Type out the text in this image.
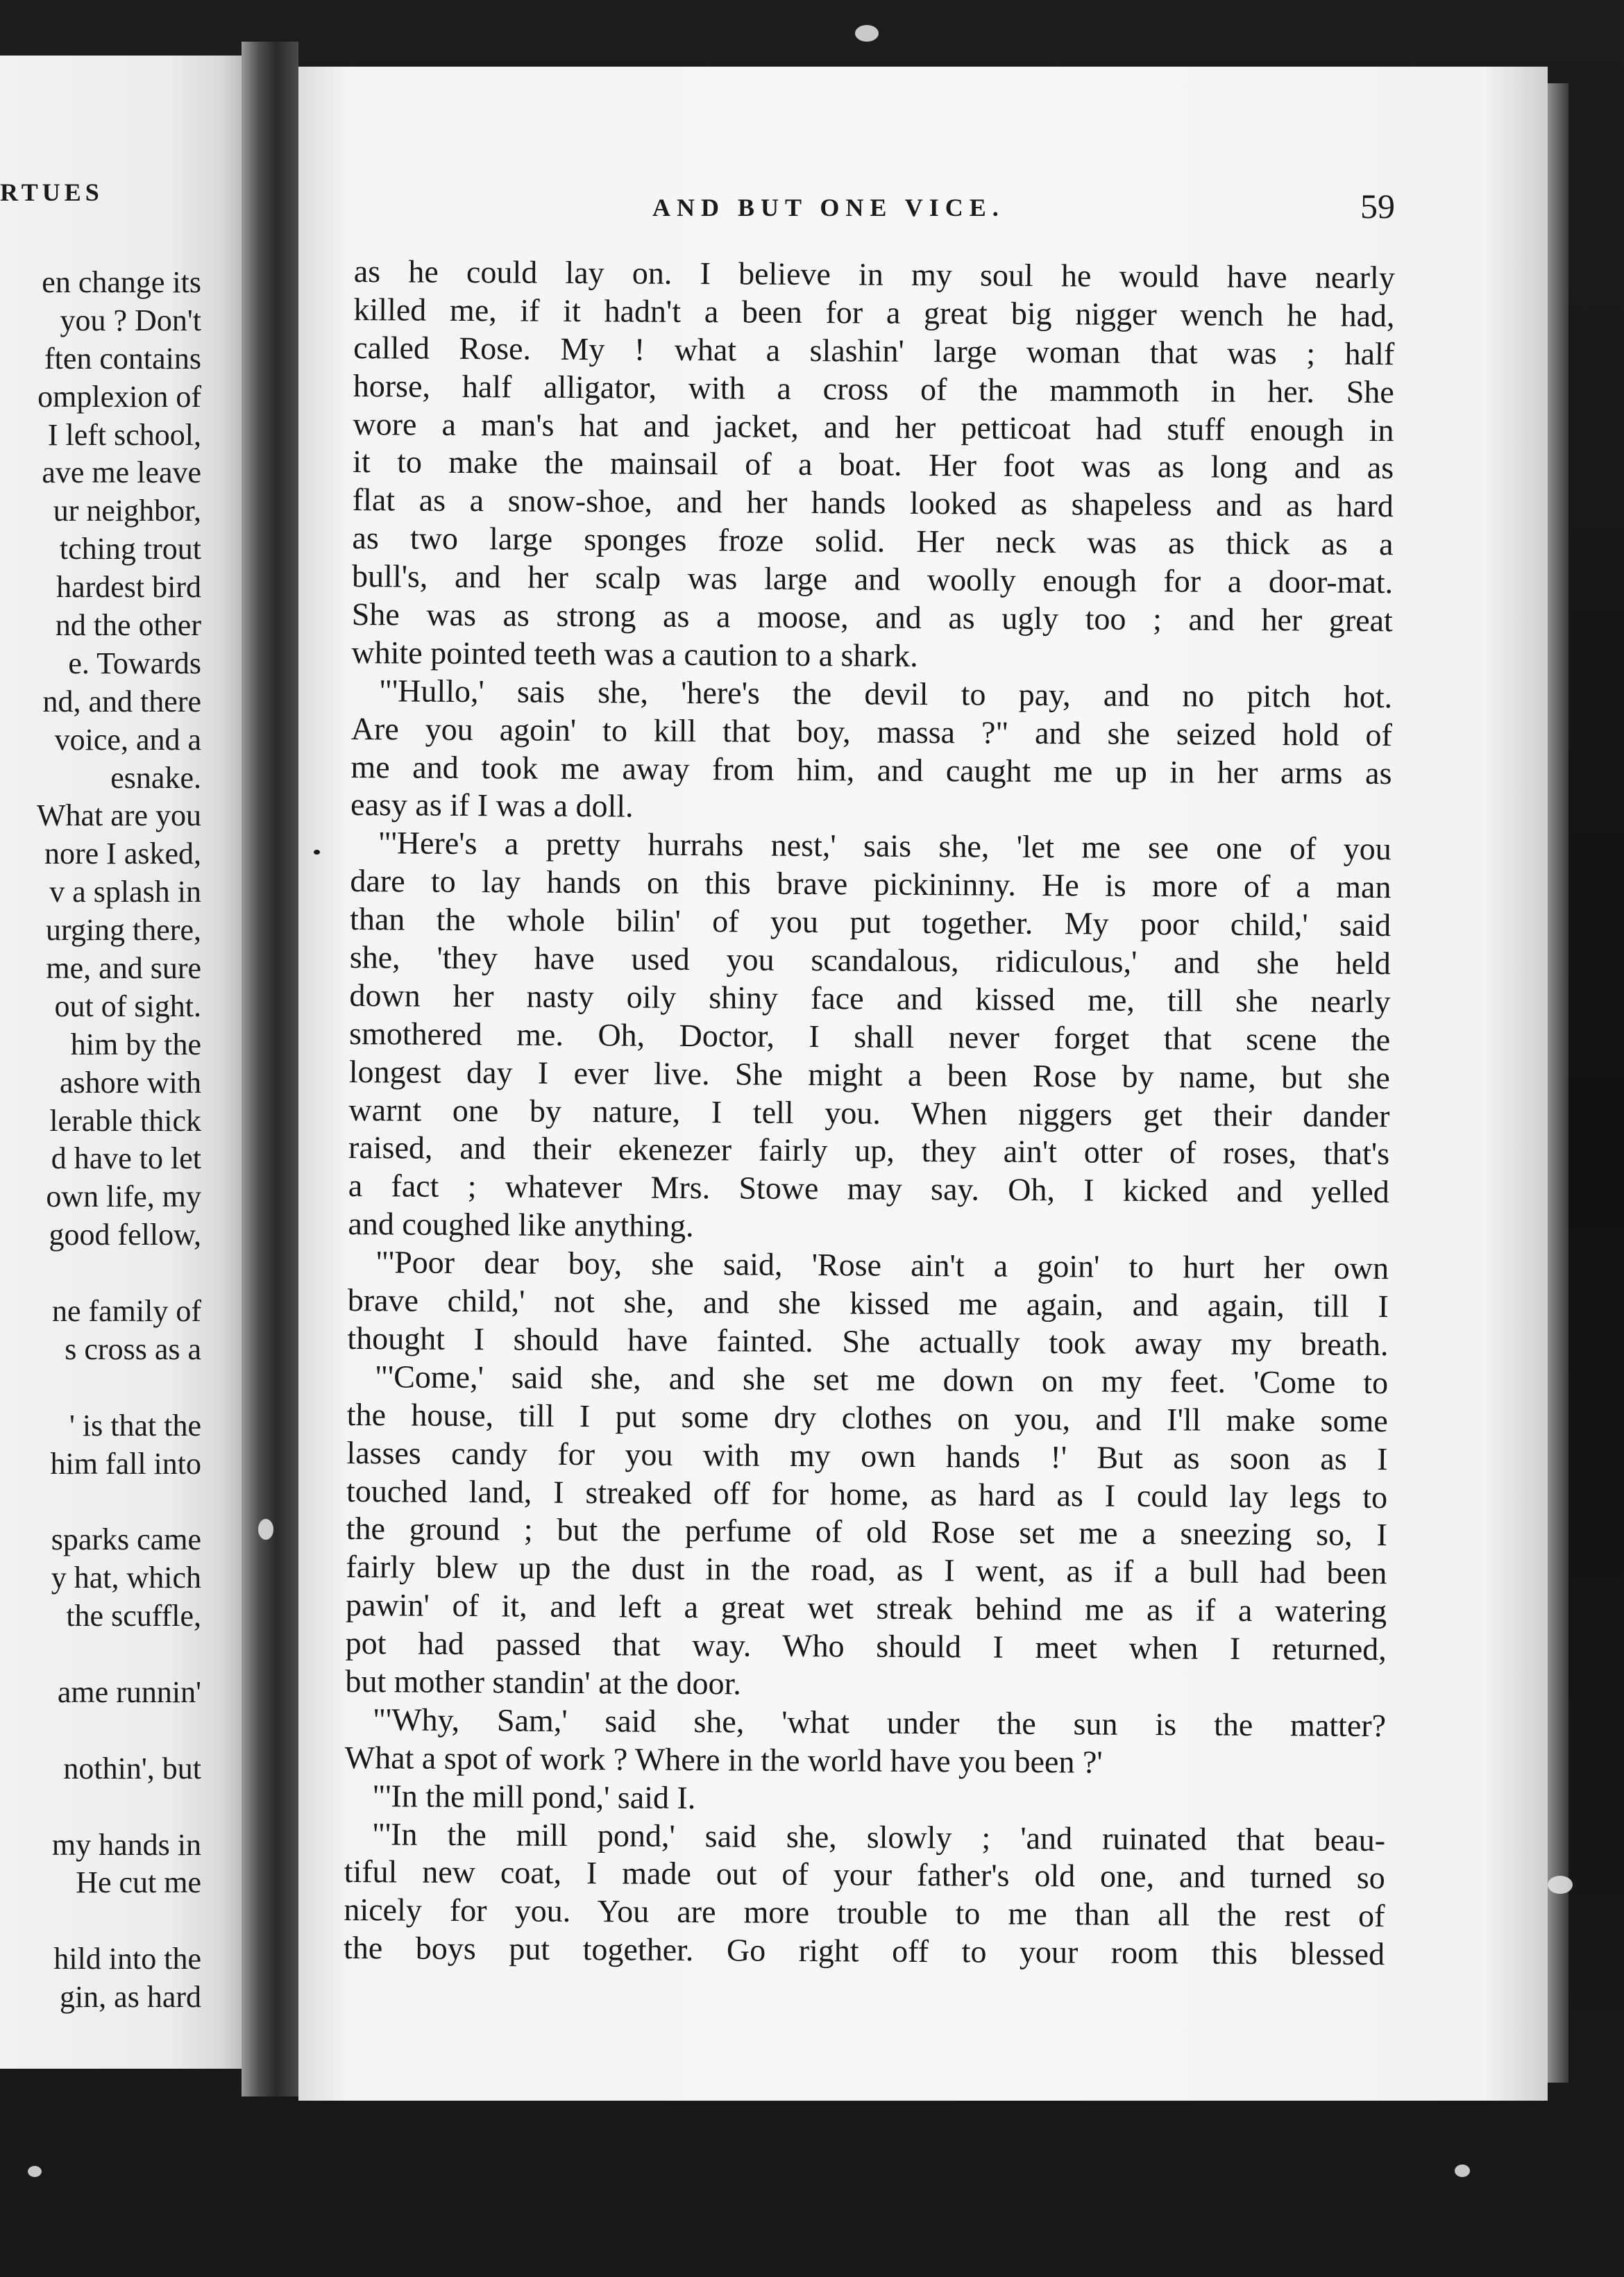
RTUES
en change its
you ? Don't
ften contains
omplexion of
I left school,
ave me leave
ur neighbor,
tching trout
hardest bird
nd the other
e. Towards
nd, and there
voice, and a
esnake.
What are you
nore I asked,
v a splash in
urging there,
me, and sure
out of sight.
him by the
ashore with
lerable thick
d have to let
own life, my
good fellow,
ne family of
s cross as a
' is that the
him fall into
sparks came
y hat, which
the scuffle,
ame runnin'
nothin', but
my hands in
He cut me
hild into the
gin, as hard
AND BUT ONE VICE.	59
as he could lay on. I believe in my soul he would have nearly
killed me, if it hadn't a been for a great big nigger wench he had,
called Rose. My ! what a slashin' large woman that was ; half
horse, half alligator, with a cross of the mammoth in her. She
wore a man's hat and jacket, and her petticoat had stuff enough in
it to make the mainsail of a boat. Her foot was as long and as
flat as a snow-shoe, and her hands looked as shapeless and as hard
as two large sponges froze solid. Her neck was as thick as a
bull's, and her scalp was large and woolly enough for a door-mat.
She was as strong as a moose, and as ugly too ; and her great
white pointed teeth was a caution to a shark.
"'Hullo,' sais she, 'here's the devil to pay, and no pitch hot.
Are you agoin' to kill that boy, massa ?" and she seized hold of
me and took me away from him, and caught me up in her arms as
easy as if I was a doll.
"'Here's a pretty hurrahs nest,' sais she, 'let me see one of you
dare to lay hands on this brave pickininny. He is more of a man
than the whole bilin' of you put together. My poor child,' said
she, 'they have used you scandalous, ridiculous,' and she held
down her nasty oily shiny face and kissed me, till she nearly
smothered me. Oh, Doctor, I shall never forget that scene the
longest day I ever live. She might a been Rose by name, but she
warnt one by nature, I tell you. When niggers get their dander
raised, and their ekenezer fairly up, they ain't otter of roses, that's
a fact ; whatever Mrs. Stowe may say. Oh, I kicked and yelled
and coughed like anything.
"'Poor dear boy, she said, 'Rose ain't a goin' to hurt her own
brave child,' not she, and she kissed me again, and again, till I
thought I should have fainted. She actually took away my breath.
"'Come,' said she, and she set me down on my feet. 'Come to
the house, till I put some dry clothes on you, and I'll make some
lasses candy for you with my own hands !' But as soon as I
touched land, I streaked off for home, as hard as I could lay legs to
the ground ; but the perfume of old Rose set me a sneezing so, I
fairly blew up the dust in the road, as I went, as if a bull had been
pawin' of it, and left a great wet streak behind me as if a watering
pot had passed that way. Who should I meet when I returned,
but mother standin' at the door.
"'Why, Sam,' said she, 'what under the sun is the matter?
What a spot of work ? Where in the world have you been ?'
"'In the mill pond,' said I.
"'In the mill pond,' said she, slowly ; 'and ruinated that beau-
tiful new coat, I made out of your father's old one, and turned so
nicely for you. You are more trouble to me than all the rest of
the boys put together. Go right off to your room this blessed
